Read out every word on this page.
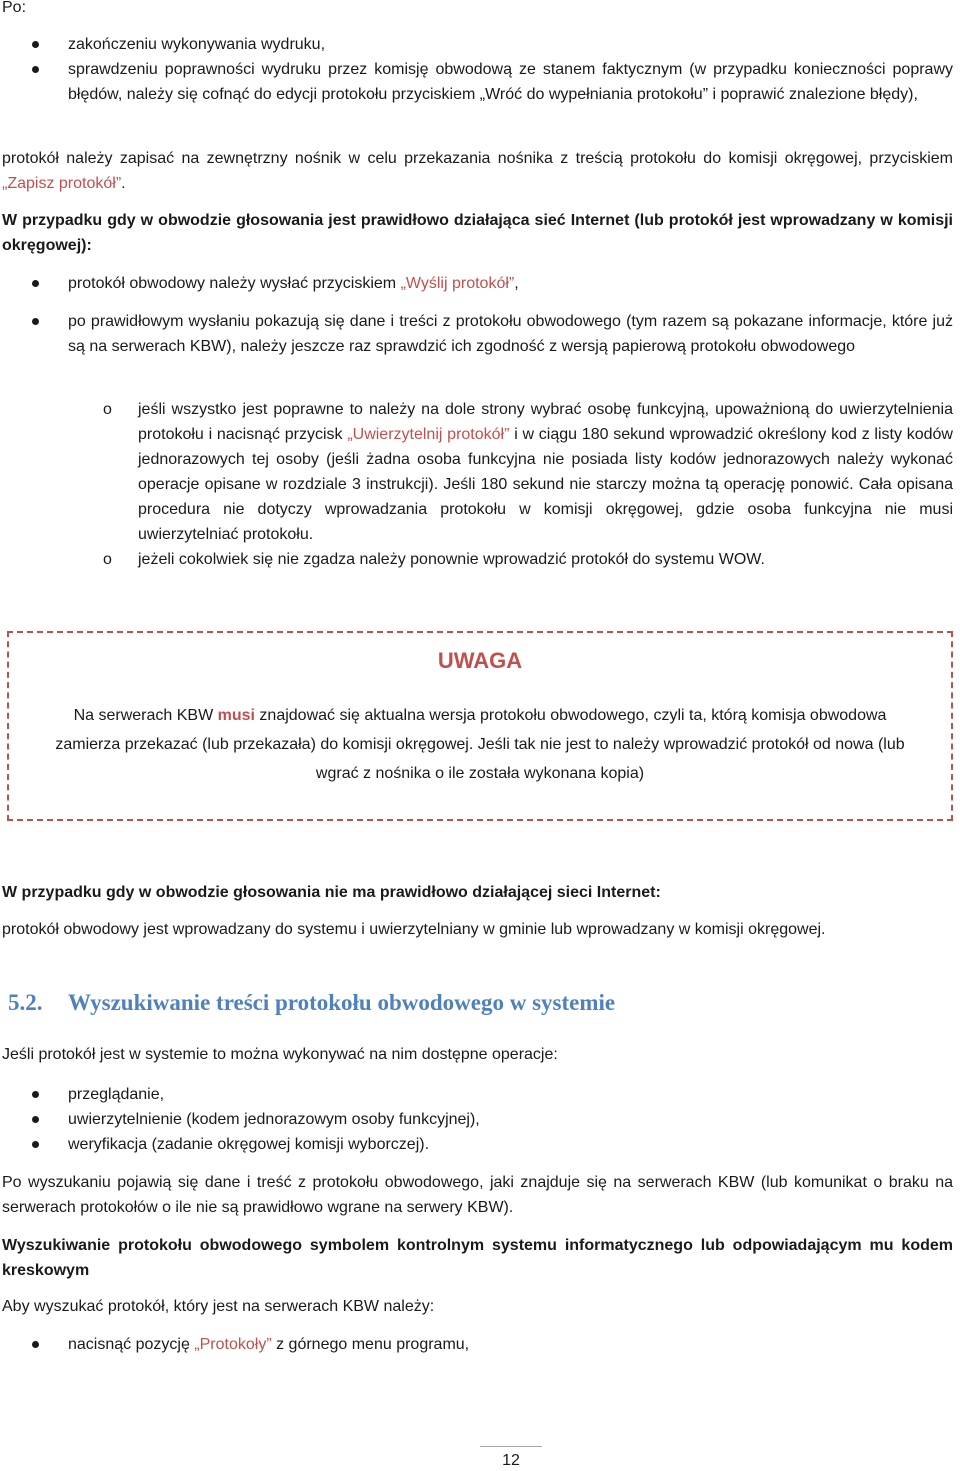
Po:

zakończeniu wykonywania wydruku,
sprawdzeniu poprawności wydruku przez komisję obwodową ze stanem faktycznym (w przypadku konieczności poprawy błędów, należy się cofnąć do edycji protokołu przyciskiem „Wróć do wypełniania protokołu” i poprawić znalezione błędy),

protokół należy zapisać na zewnętrzny nośnik w celu przekazania nośnika z treścią protokołu do komisji okręgowej, przyciskiem „Zapisz protokół”.

W przypadku gdy w obwodzie głosowania jest prawidłowo działająca sieć Internet (lub protokół jest wprowadzany w komisji okręgowej):

protokół obwodowy należy wysłać przyciskiem „Wyślij protokół”,
po prawidłowym wysłaniu pokazują się dane i treści z protokołu obwodowego (tym razem są pokazane informacje, które już są na serwerach KBW), należy jeszcze raz sprawdzić ich zgodność z wersją papierową protokołu obwodowego
o jeśli wszystko jest poprawne to należy na dole strony wybrać osobę funkcyjną, upoważnioną do uwierzytelnienia protokołu i nacisnąć przycisk „Uwierzytelnij protokół” i w ciągu 180 sekund wprowadzić określony kod z listy kodów jednorazowych tej osoby (jeśli żadna osoba funkcyjna nie posiada listy kodów jednorazowych należy wykonać operacje opisane w rozdziale 3 instrukcji). Jeśli 180 sekund nie starczy można tą operację ponowić. Cała opisana procedura nie dotyczy wprowadzania protokołu w komisji okręgowej, gdzie osoba funkcyjna nie musi uwierzytelniać protokołu.
o jeżeli cokolwiek się nie zgadza należy ponownie wprowadzić protokół do systemu WOW.
UWAGA
Na serwerach KBW musi znajdować się aktualna wersja protokołu obwodowego, czyli ta, którą komisja obwodowa zamierza przekazać (lub przekazała) do komisji okręgowej. Jeśli tak nie jest to należy wprowadzić protokół od nowa (lub wgrać z nośnika o ile została wykonana kopia)

W przypadku gdy w obwodzie głosowania nie ma prawidłowo działającej sieci Internet:

protokół obwodowy jest wprowadzany do systemu i uwierzytelniany w gminie lub wprowadzany w komisji okręgowej.

5.2. Wyszukiwanie treści protokołu obwodowego w systemie

Jeśli protokół jest w systemie to można wykonywać na nim dostępne operacje:

przeglądanie,
uwierzytelnienie (kodem jednorazowym osoby funkcyjnej),
weryfikacja (zadanie okręgowej komisji wyborczej).

Po wyszukaniu pojawią się dane i treść z protokołu obwodowego, jaki znajduje się na serwerach KBW (lub komunikat o braku na serwerach protokołów o ile nie są prawidłowo wgrane na serwery KBW).

Wyszukiwanie protokołu obwodowego symbolem kontrolnym systemu informatycznego lub odpowiadającym mu kodem kreskowym

Aby wyszukać protokół, który jest na serwerach KBW należy:

nacisnąć pozycję „Protokoły” z górnego menu programu,
12
